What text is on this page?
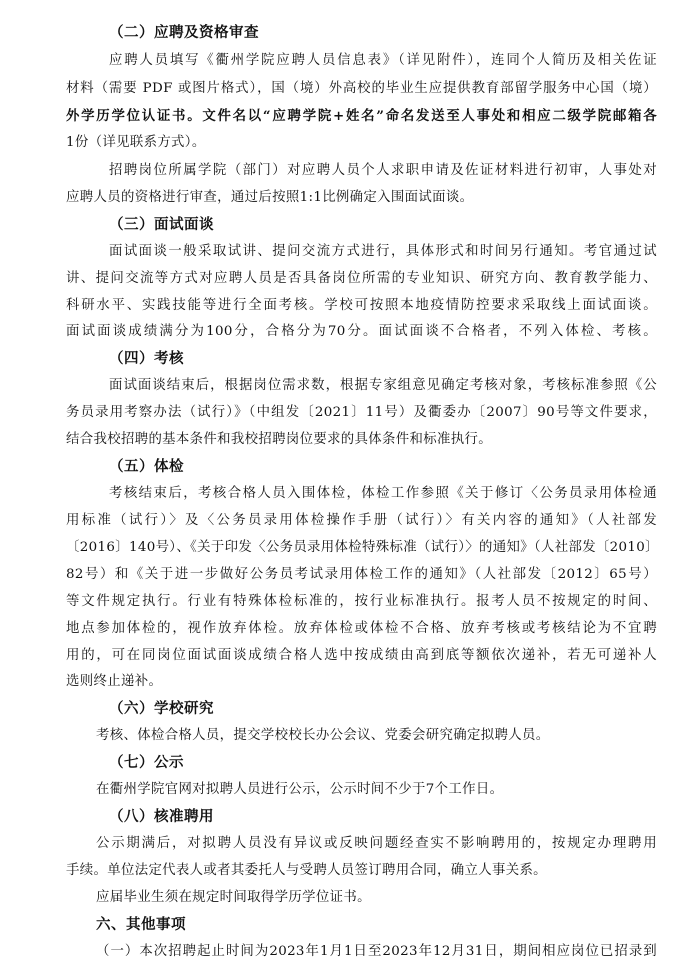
（二）应聘及资格审查
应聘人员填写《衢州学院应聘人员信息表》（详见附件），连同个人简历及相关佐证
材料（需要 PDF 或图片格式），国（境）外高校的毕业生应提供教育部留学服务中心国（境）
外学历学位认证书。文件名以“应聘学院+姓名”命名发送至人事处和相应二级学院邮箱各
1份（详见联系方式）。
招聘岗位所属学院（部门）对应聘人员个人求职申请及佐证材料进行初审，人事处对
应聘人员的资格进行审查，通过后按照1:1比例确定入围面试面谈。
（三）面试面谈
面试面谈一般采取试讲、提问交流方式进行，具体形式和时间另行通知。考官通过试
讲、提问交流等方式对应聘人员是否具备岗位所需的专业知识、研究方向、教育教学能力、
科研水平、实践技能等进行全面考核。学校可按照本地疫情防控要求采取线上面试面谈。
面试面谈成绩满分为100分，合格分为70分。面试面谈不合格者，不列入体检、考核。
（四）考核
面试面谈结束后，根据岗位需求数，根据专家组意见确定考核对象，考核标准参照《公
务员录用考察办法（试行）》（中组发〔2021〕11号）及衢委办〔2007〕90号等文件要求，
结合我校招聘的基本条件和我校招聘岗位要求的具体条件和标准执行。
（五）体检
考核结束后，考核合格人员入围体检，体检工作参照《关于修订〈公务员录用体检通
用标准（试行）〉及〈公务员录用体检操作手册（试行）〉有关内容的通知》（人社部发
〔2016〕140号）、《关于印发〈公务员录用体检特殊标准（试行）〉的通知》（人社部发〔2010〕
82号）和《关于进一步做好公务员考试录用体检工作的通知》（人社部发〔2012〕65号）
等文件规定执行。行业有特殊体检标准的，按行业标准执行。报考人员不按规定的时间、
地点参加体检的，视作放弃体检。放弃体检或体检不合格、放弃考核或考核结论为不宜聘
用的，可在同岗位面试面谈成绩合格人选中按成绩由高到底等额依次递补，若无可递补人
选则终止递补。
（六）学校研究
考核、体检合格人员，提交学校校长办公会议、党委会研究确定拟聘人员。
（七）公示
在衢州学院官网对拟聘人员进行公示，公示时间不少于7个工作日。
（八）核准聘用
公示期满后，对拟聘人员没有异议或反映问题经查实不影响聘用的，按规定办理聘用
手续。单位法定代表人或者其委托人与受聘人员签订聘用合同，确立人事关系。
应届毕业生须在规定时间取得学历学位证书。
六、其他事项
（一）本次招聘起止时间为2023年1月1日至2023年12月31日，期间相应岗位已招录到
